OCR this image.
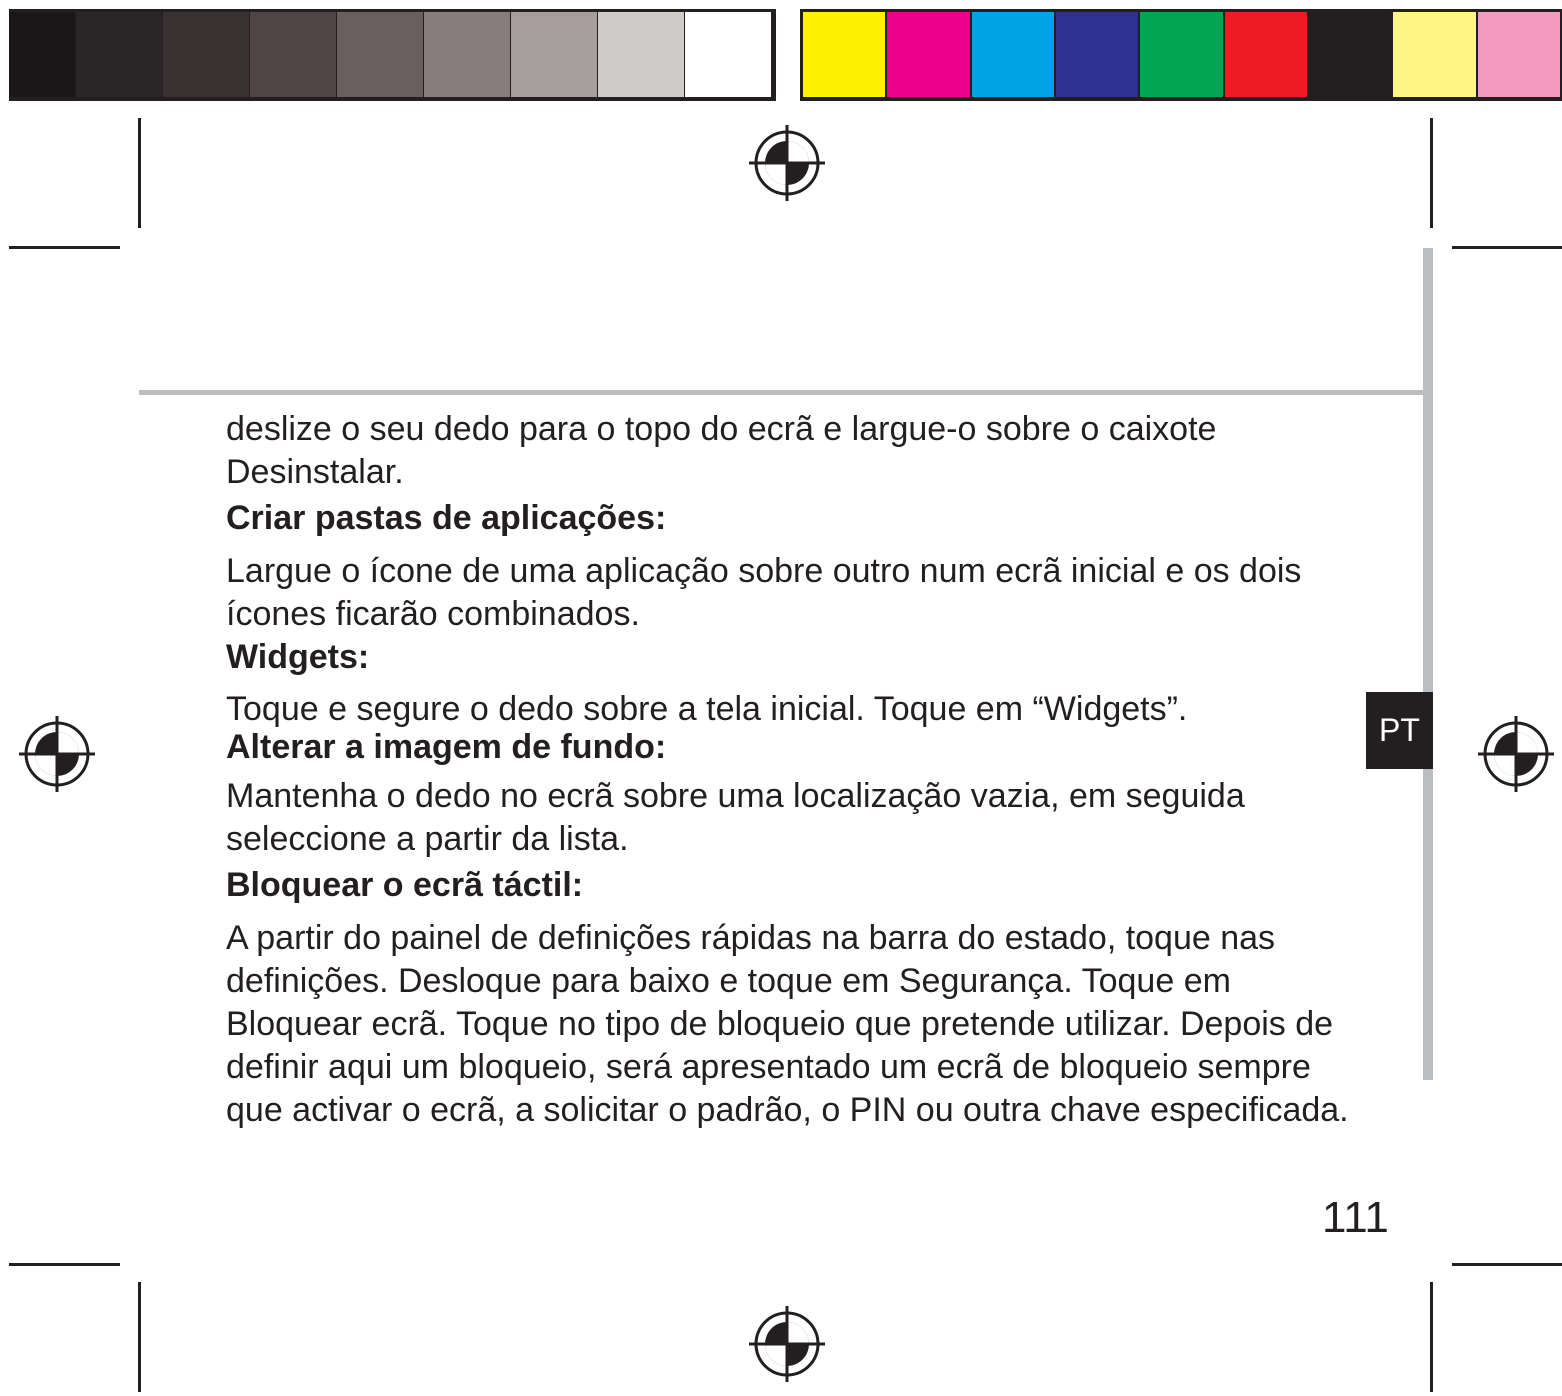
PT

deslize o seu dedo para o topo do ecrã e largue-o sobre o caixote Desinstalar.

Criar pastas de aplicações:

Largue o ícone de uma aplicação sobre outro num ecrã inicial e os dois ícones ficarão combinados.

Widgets:

Toque e segure o dedo sobre a tela inicial. Toque em “Widgets”.

Alterar a imagem de fundo:

Mantenha o dedo no ecrã sobre uma localização vazia, em seguida seleccione a partir da lista.

Bloquear o ecrã táctil:

A partir do painel de definições rápidas na barra do estado, toque nas definições. Desloque para baixo e toque em Segurança. Toque em Bloquear ecrã. Toque no tipo de bloqueio que pretende utilizar. Depois de definir aqui um bloqueio, será apresentado um ecrã de bloqueio sempre que activar o ecrã, a solicitar o padrão, o PIN ou outra chave especificada.

111
